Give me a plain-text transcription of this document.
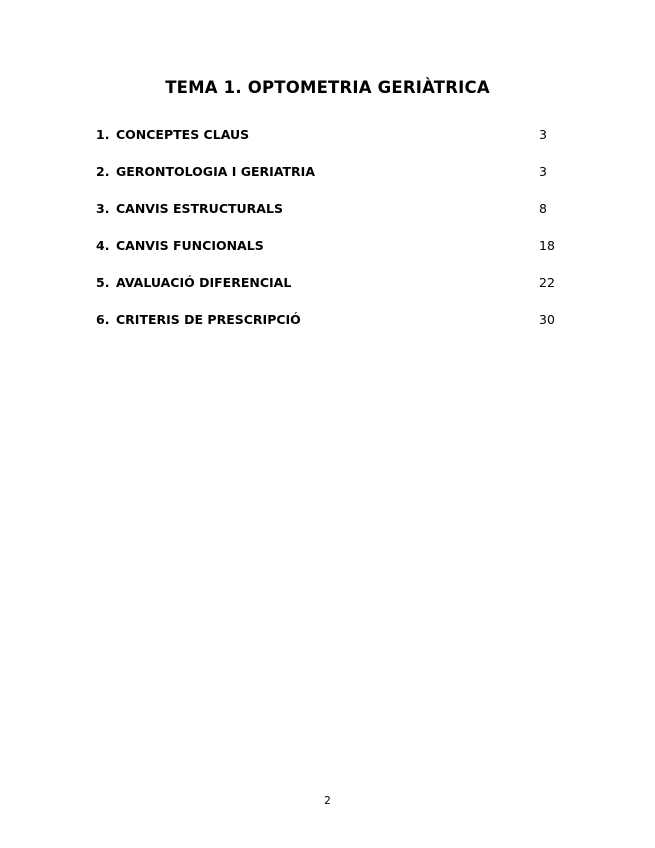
TEMA 1. OPTOMETRIA GERIÀTRICA
1. CONCEPTES CLAUS	3
2. GERONTOLOGIA I GERIATRIA	3
3. CANVIS ESTRUCTURALS	8
4. CANVIS FUNCIONALS	18
5. AVALUACIÓ DIFERENCIAL	22
6. CRITERIS DE PRESCRIPCIÓ	30
2
